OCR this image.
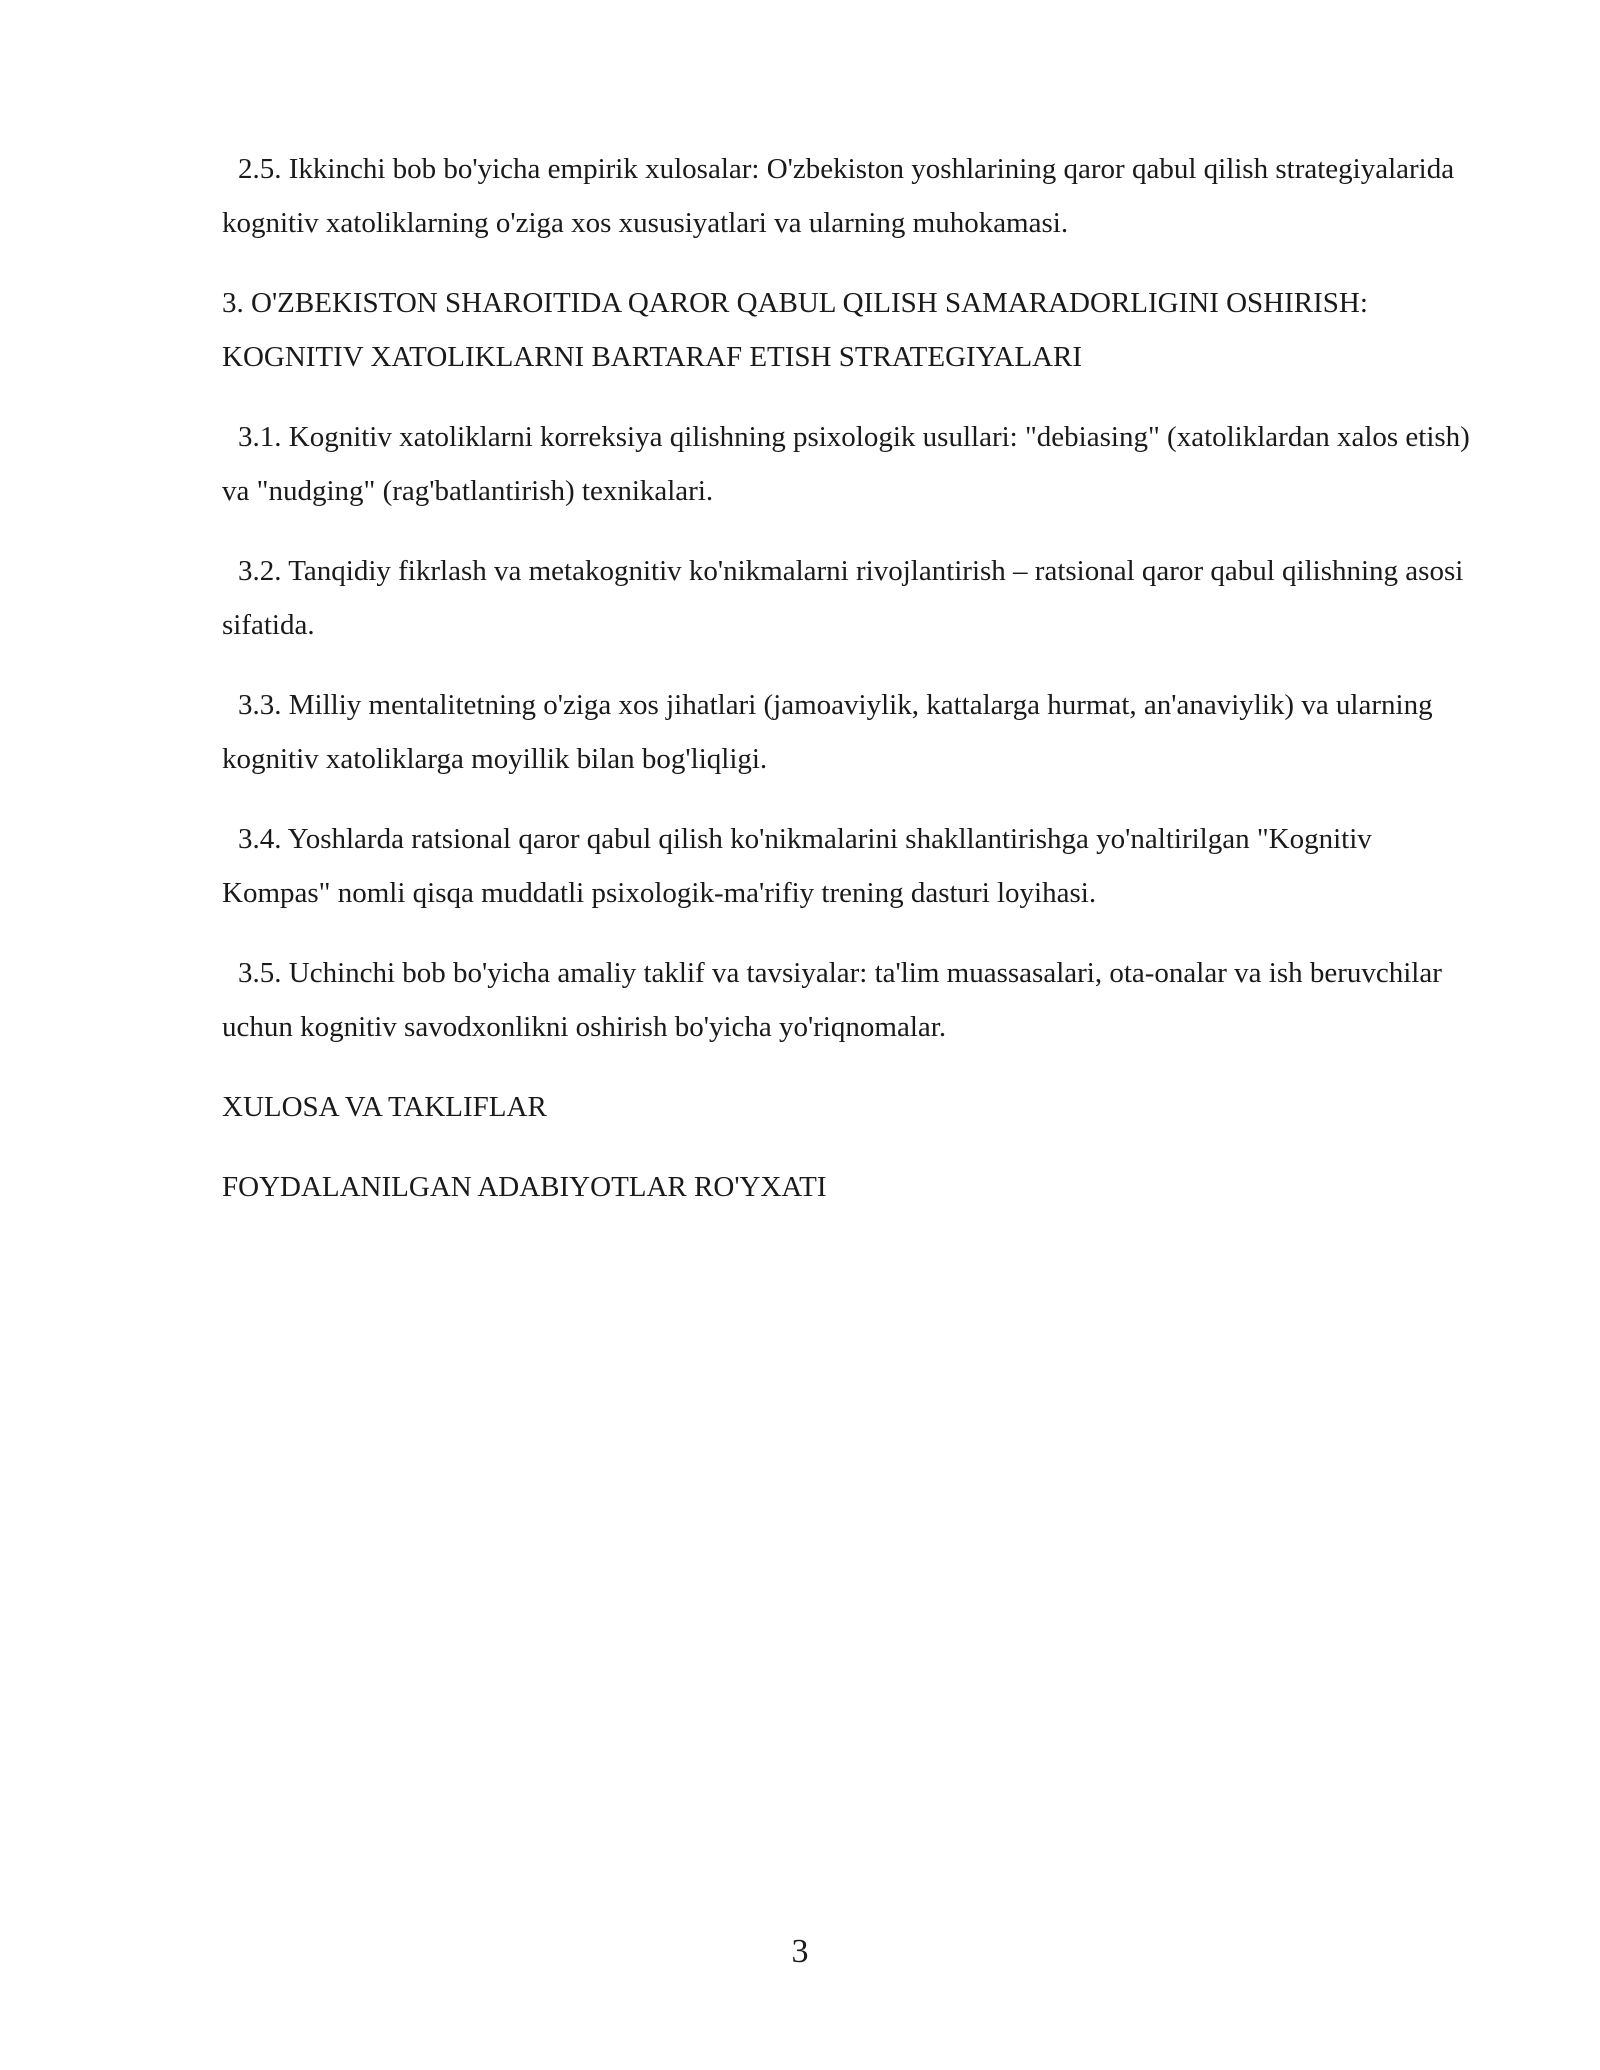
2.5. Ikkinchi bob bo'yicha empirik xulosalar: O'zbekiston yoshlarining qaror qabul qilish strategiyalarida kognitiv xatoliklarning o'ziga xos xususiyatlari va ularning muhokamasi.

3. O'ZBEKISTON SHAROITIDA QAROR QABUL QILISH SAMARADORLIGINI OSHIRISH: KOGNITIV XATOLIKLARNI BARTARAF ETISH STRATEGIYALARI

3.1. Kognitiv xatoliklarni korreksiya qilishning psixologik usullari: "debiasing" (xatoliklardan xalos etish) va "nudging" (rag'batlantirish) texnikalari.

3.2. Tanqidiy fikrlash va metakognitiv ko'nikmalarni rivojlantirish – ratsional qaror qabul qilishning asosi sifatida.

3.3. Milliy mentalitetning o'ziga xos jihatlari (jamoaviylik, kattalarga hurmat, an'anaviylik) va ularning kognitiv xatoliklarga moyillik bilan bog'liqligi.

3.4. Yoshlarda ratsional qaror qabul qilish ko'nikmalarini shakllantirishga yo'naltirilgan "Kognitiv Kompas" nomli qisqa muddatli psixologik-ma'rifiy trening dasturi loyihasi.

3.5. Uchinchi bob bo'yicha amaliy taklif va tavsiyalar: ta'lim muassasalari, ota-onalar va ish beruvchilar uchun kognitiv savodxonlikni oshirish bo'yicha yo'riqnomalar.

XULOSA VA TAKLIFLAR

FOYDALANILGAN ADABIYOTLAR RO'YXATI

3
